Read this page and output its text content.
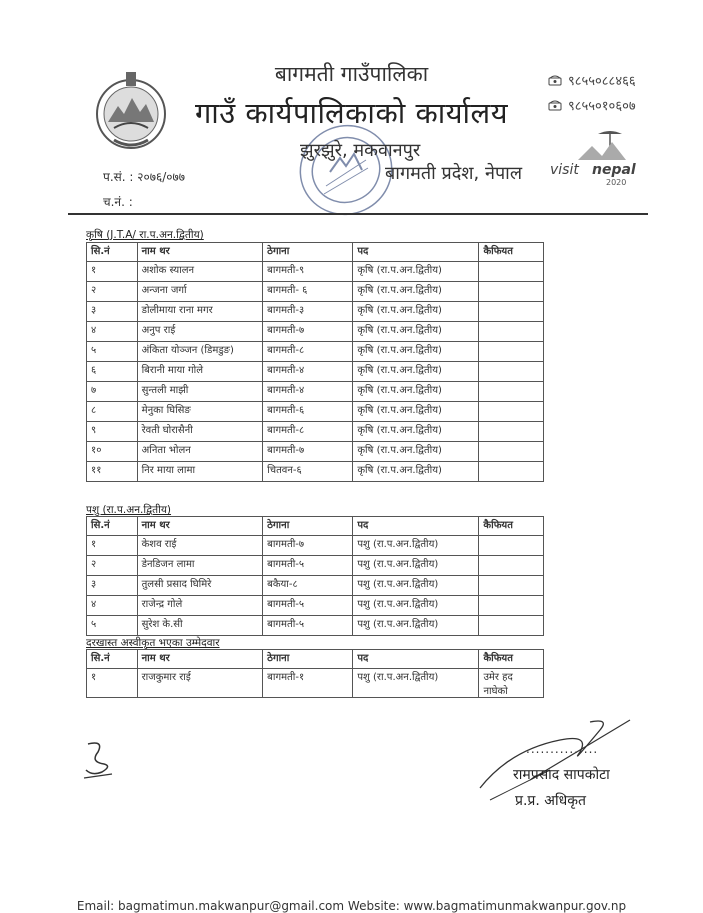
बागमती गाउँपालिका
गाउँ कार्यपालिकाको कार्यालय
झुरझुरे, मकवानपुर
बागमती प्रदेश, नेपाल
प.सं. : २०७६/०७७
च.नं. :
९८५५०८८४६६
९८५५०१०६०७
visit nepal
2020
कृषि (J.T.A/ रा.प.अन.द्वितीय)
सि.नं	नाम थर	ठेगाना	पद	कैफियत
१	अशोक स्यालन	बागमती-९	कृषि (रा.प.अन.द्वितीय)	
२	अन्जना जर्गा	बागमती- ६	कृषि (रा.प.अन.द्वितीय)	
३	डोलीमाया राना मगर	बागमती-३	कृषि (रा.प.अन.द्वितीय)	
४	अनुप राई	बागमती-७	कृषि (रा.प.अन.द्वितीय)	
५	अंकिता योञ्जन (डिमडुङ)	बागमती-८	कृषि (रा.प.अन.द्वितीय)	
६	बिरानी माया गोले	बागमती-४	कृषि (रा.प.अन.द्वितीय)	
७	सुन्तली माझी	बागमती-४	कृषि (रा.प.अन.द्वितीय)	
८	मेनुका घिसिङ	बागमती-६	कृषि (रा.प.अन.द्वितीय)	
९	रेवती घोरासैनी	बागमती-८	कृषि (रा.प.अन.द्वितीय)	
१०	अनिता भोलन	बागमती-७	कृषि (रा.प.अन.द्वितीय)	
११	निर माया लामा	चितवन-६	कृषि (रा.प.अन.द्वितीय)	
पशु (रा.प.अन.द्वितीय)
सि.नं	नाम थर	ठेगाना	पद	कैफियत
१	केशव राई	बागमती-७	पशु (रा.प.अन.द्वितीय)	
२	डेनडिजन लामा	बागमती-५	पशु (रा.प.अन.द्वितीय)	
३	तुलसी प्रसाद घिमिरे	बकैया-८	पशु (रा.प.अन.द्वितीय)	
४	राजेन्द्र गोले	बागमती-५	पशु (रा.प.अन.द्वितीय)	
५	सुरेश के.सी	बागमती-५	पशु (रा.प.अन.द्वितीय)	
दरखास्त अस्वीकृत भएका उम्मेदवार
सि.नं	नाम थर	ठेगाना	पद	कैफियत
१	राजकुमार राई	बागमती-१	पशु (रा.प.अन.द्वितीय)	उमेर हद नाघेको
...............
रामप्रसाद सापकोटा
प्र.प्र. अधिकृत
Email: bagmatimun.makwanpur@gmail.com Website: www.bagmatimunmakwanpur.gov.np
